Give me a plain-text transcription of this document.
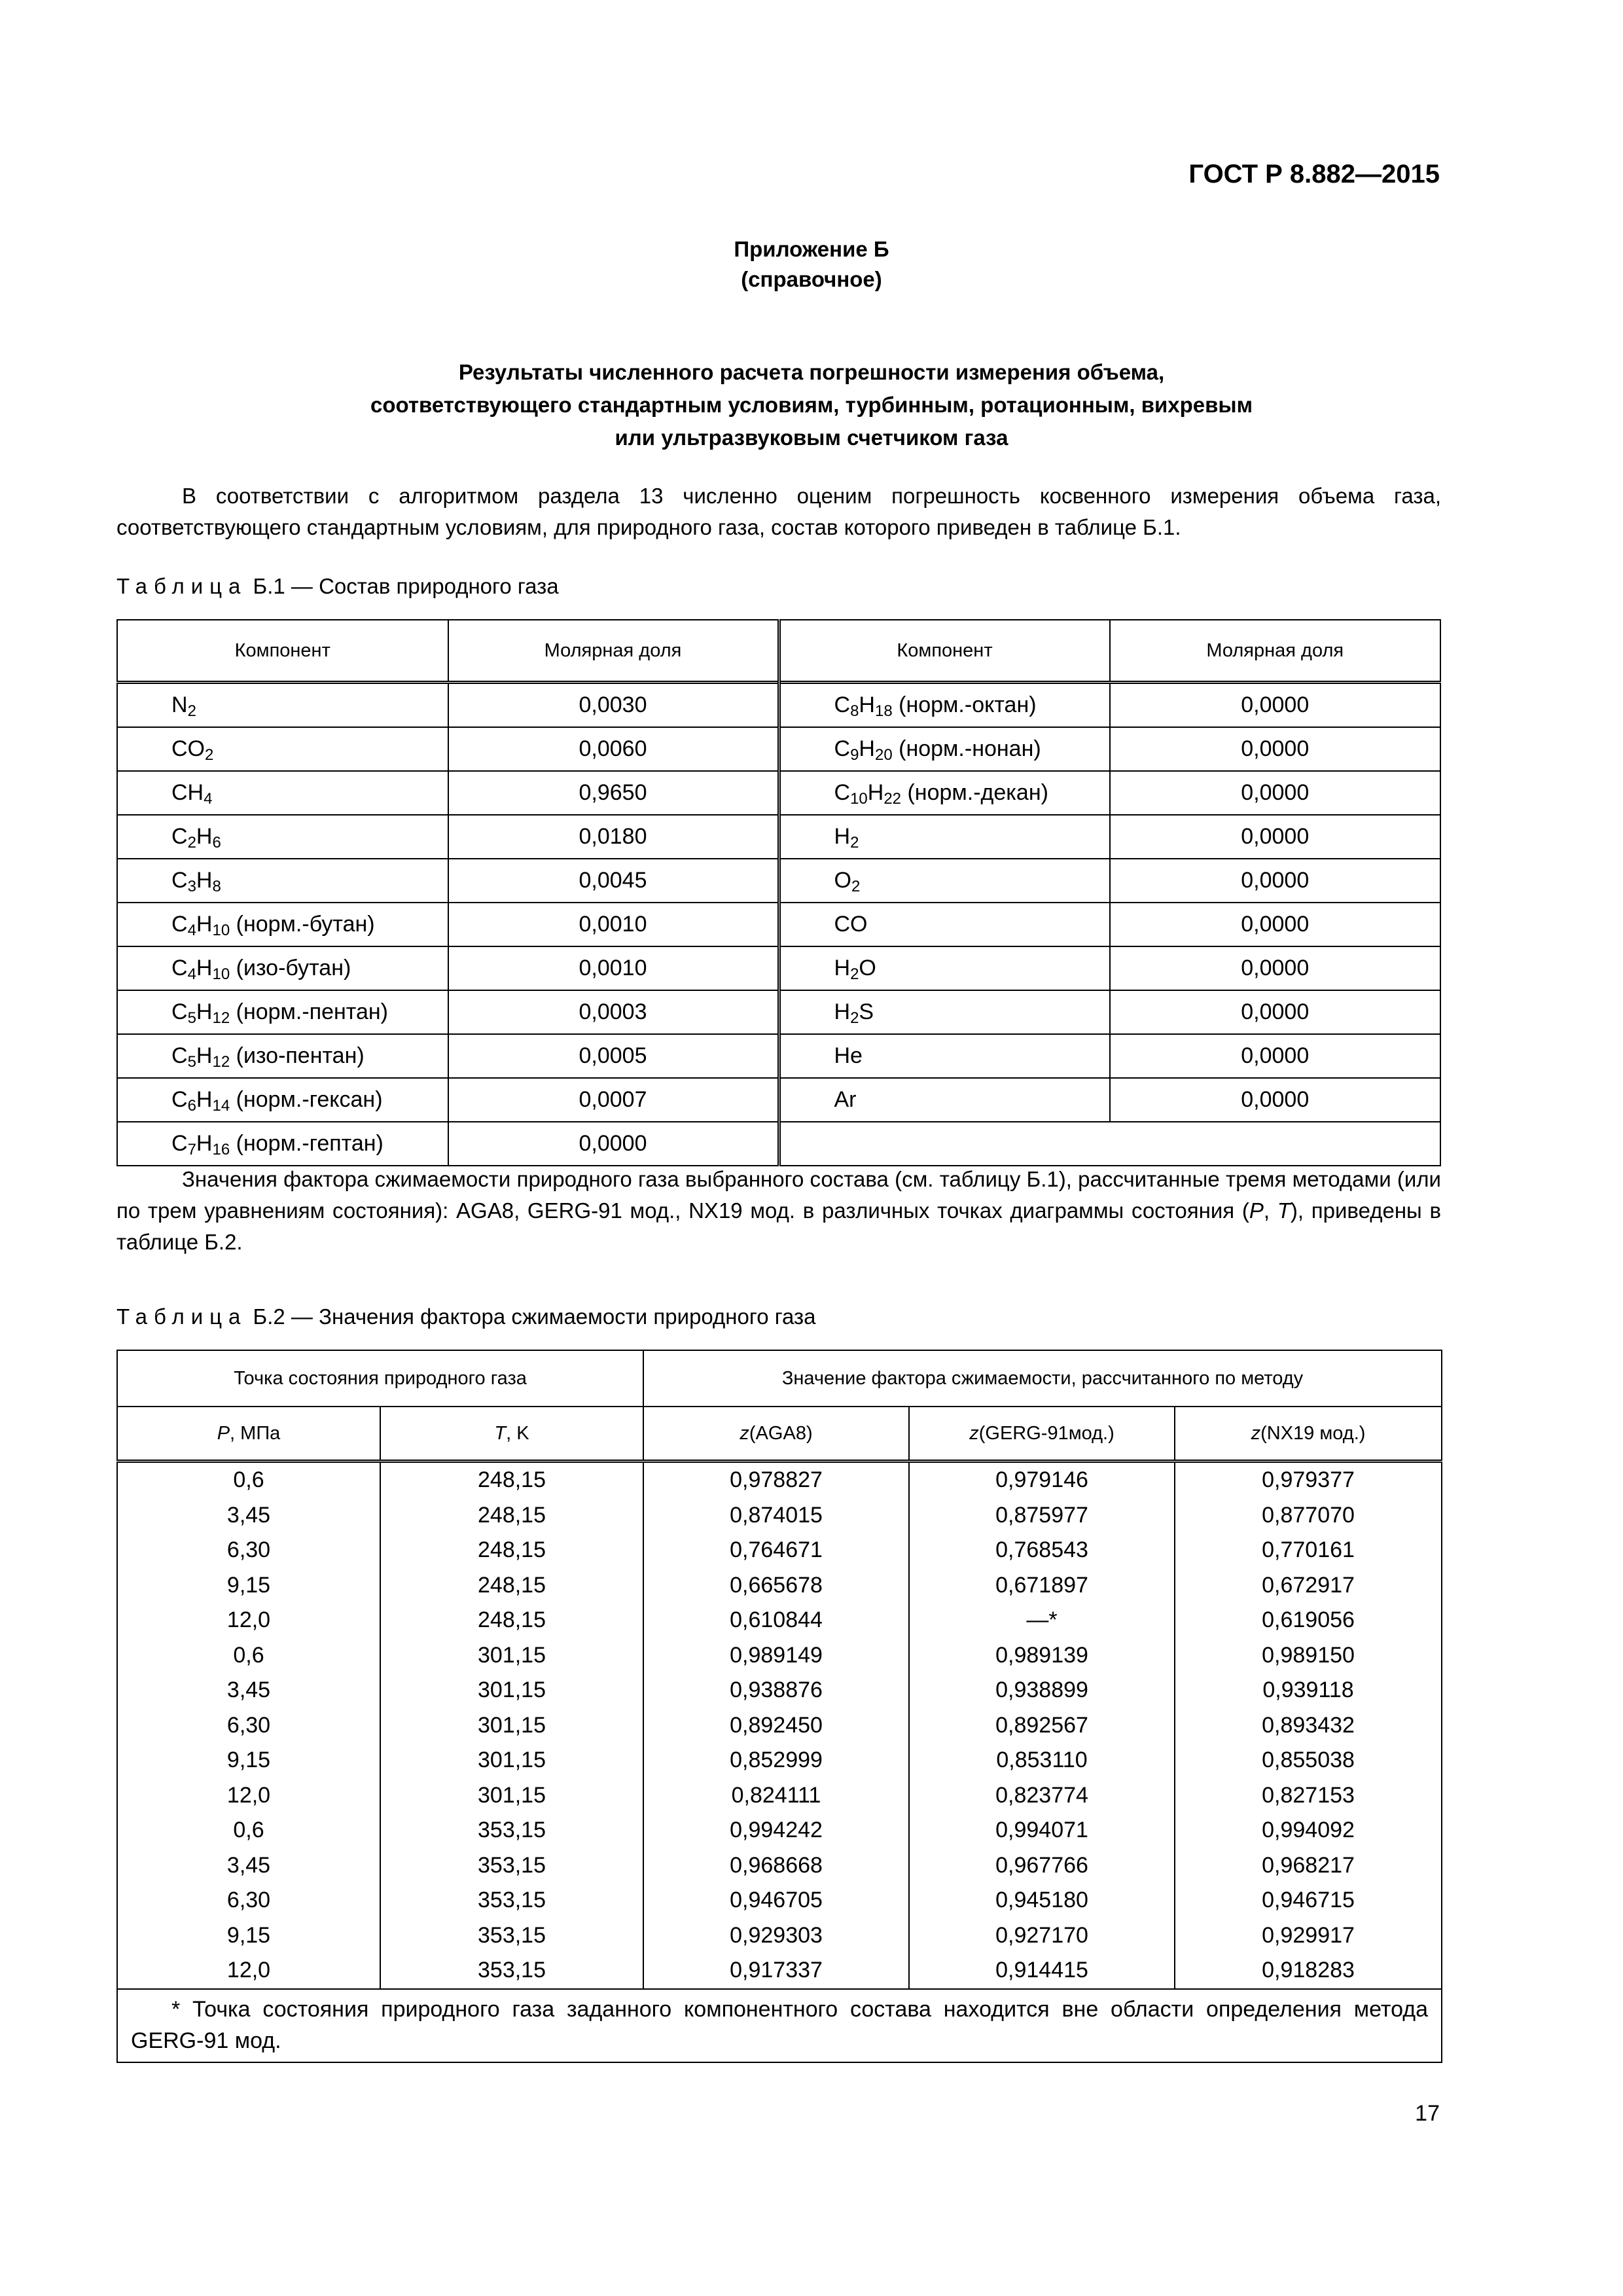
ГОСТ Р 8.882—2015
Приложение Б
(справочное)
Результаты численного расчета погрешности измерения объема,
соответствующего стандартным условиям, турбинным, ротационным, вихревым
или ультразвуковым счетчиком газа
В соответствии с алгоритмом раздела 13 численно оценим погрешность косвенного измерения объема газа, соответствующего стандартным условиям, для природного газа, состав которого приведен в таблице Б.1.
Таблица Б.1 — Состав природного газа
Компонент	Молярная доля	Компонент	Молярная доля
$N_2$	0,0030	$C_8H_{18}$ (норм.-октан)	0,0000
$CO_2$	0,0060	$C_9H_{20}$ (норм.-нонан)	0,0000
$CH_4$	0,9650	$C_{10}H_{22}$ (норм.-декан)	0,0000
$C_2H_6$	0,0180	$H_2$	0,0000
$C_3H_8$	0,0045	$O_2$	0,0000
$C_4H_{10}$ (норм.-бутан)	0,0010	CO	0,0000
$C_4H_{10}$ (изо-бутан)	0,0010	$H_2O$	0,0000
$C_5H_{12}$ (норм.-пентан)	0,0003	$H_2S$	0,0000
$C_5H_{12}$ (изо-пентан)	0,0005	He	0,0000
$C_6H_{14}$ (норм.-гексан)	0,0007	Ar	0,0000
$C_7H_{16}$ (норм.-гептан)	0,0000		
Значения фактора сжимаемости природного газа выбранного состава (см. таблицу Б.1), рассчитанные тремя методами (или по трем уравнениям состояния): AGA8, GERG-91 мод., NX19 мод. в различных точках диаграммы состояния (P, T), приведены в таблице Б.2.
Таблица Б.2 — Значения фактора сжимаемости природного газа
Точка состояния природного газа		Значение фактора сжимаемости, рассчитанного по методу		
P, МПа	T, K	z(AGA8)	z(GERG-91мод.)	z(NX19 мод.)
0,6	248,15	0,978827	0,979146	0,979377
3,45	248,15	0,874015	0,875977	0,877070
6,30	248,15	0,764671	0,768543	0,770161
9,15	248,15	0,665678	0,671897	0,672917
12,0	248,15	0,610844	—*	0,619056
0,6	301,15	0,989149	0,989139	0,989150
3,45	301,15	0,938876	0,938899	0,939118
6,30	301,15	0,892450	0,892567	0,893432
9,15	301,15	0,852999	0,853110	0,855038
12,0	301,15	0,824111	0,823774	0,827153
0,6	353,15	0,994242	0,994071	0,994092
3,45	353,15	0,968668	0,967766	0,968217
6,30	353,15	0,946705	0,945180	0,946715
9,15	353,15	0,929303	0,927170	0,929917
12,0	353,15	0,917337	0,914415	0,918283
* Точка состояния природного газа заданного компонентного состава находится вне области определения метода GERG-91 мод.				
17
